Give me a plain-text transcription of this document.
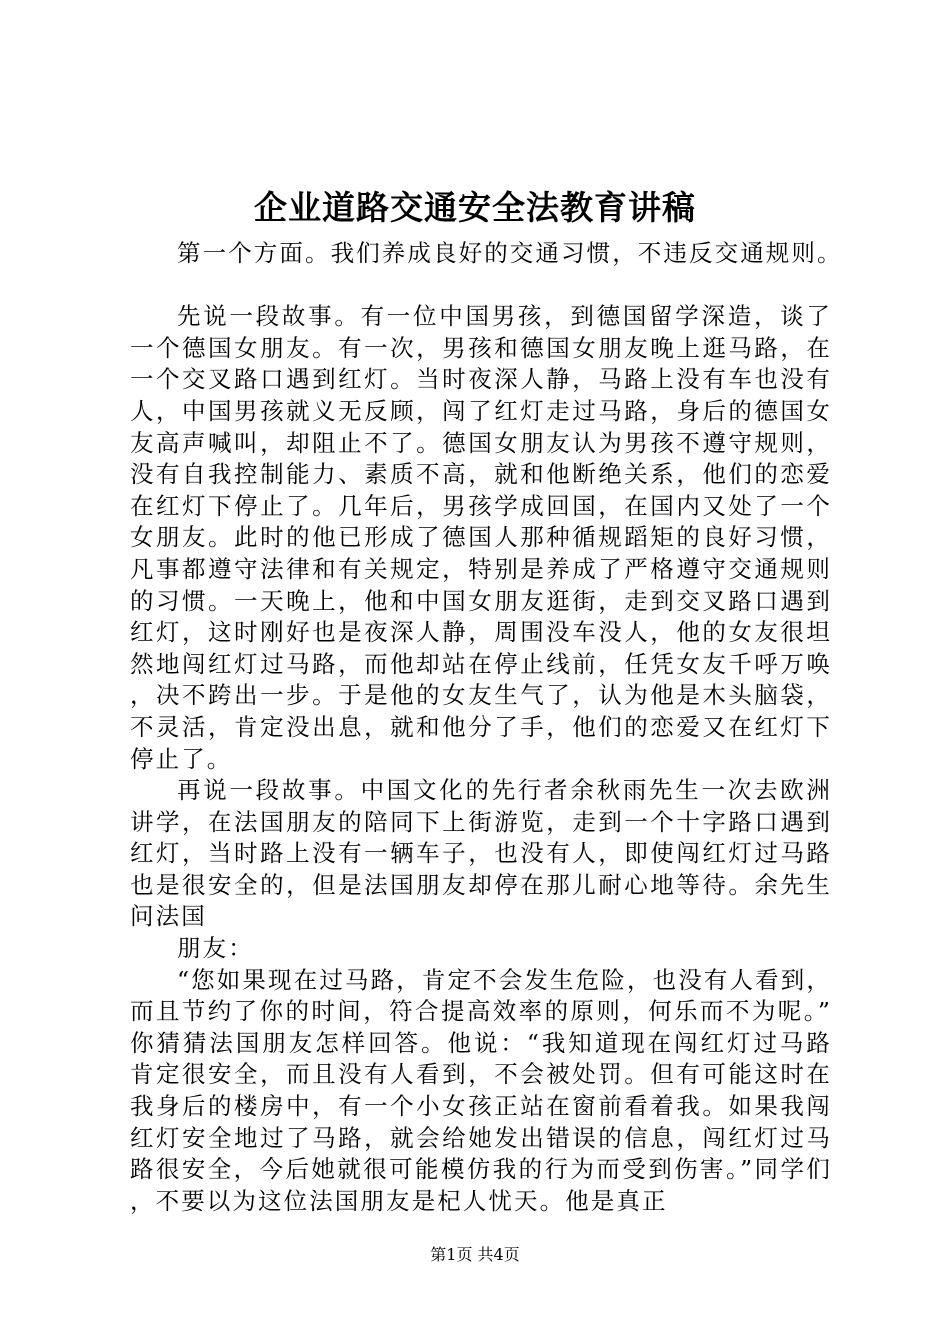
企业道路交通安全法教育讲稿

第一个方面。我们养成良好的交通习惯，不违反交通规则。

先说一段故事。有一位中国男孩，到德国留学深造，谈了一个德国女朋友。有一次，男孩和德国女朋友晚上逛马路，在一个交叉路口遇到红灯。当时夜深人静，马路上没有车也没有人，中国男孩就义无反顾，闯了红灯走过马路，身后的德国女友高声喊叫，却阻止不了。德国女朋友认为男孩不遵守规则，没有自我控制能力、素质不高，就和他断绝关系，他们的恋爱在红灯下停止了。几年后，男孩学成回国，在国内又处了一个女朋友。此时的他已形成了德国人那种循规蹈矩的良好习惯，凡事都遵守法律和有关规定，特别是养成了严格遵守交通规则的习惯。一天晚上，他和中国女朋友逛街，走到交叉路口遇到红灯，这时刚好也是夜深人静，周围没车没人，他的女友很坦然地闯红灯过马路，而他却站在停止线前，任凭女友千呼万唤，决不跨出一步。于是他的女友生气了，认为他是木头脑袋，不灵活，肯定没出息，就和他分了手，他们的恋爱又在红灯下停止了。

再说一段故事。中国文化的先行者余秋雨先生一次去欧洲讲学，在法国朋友的陪同下上街游览，走到一个十字路口遇到红灯，当时路上没有一辆车子，也没有人，即使闯红灯过马路也是很安全的，但是法国朋友却停在那儿耐心地等待。余先生问法国

朋友：

“您如果现在过马路，肯定不会发生危险，也没有人看到，而且节约了你的时间，符合提高效率的原则，何乐而不为呢。”你猜猜法国朋友怎样回答。他说：“我知道现在闯红灯过马路肯定很安全，而且没有人看到，不会被处罚。但有可能这时在我身后的楼房中，有一个小女孩正站在窗前看着我。如果我闯红灯安全地过了马路，就会给她发出错误的信息，闯红灯过马路很安全，今后她就很可能模仿我的行为而受到伤害。”同学们，不要以为这位法国朋友是杞人忧天。他是真正

第1页 共4页
